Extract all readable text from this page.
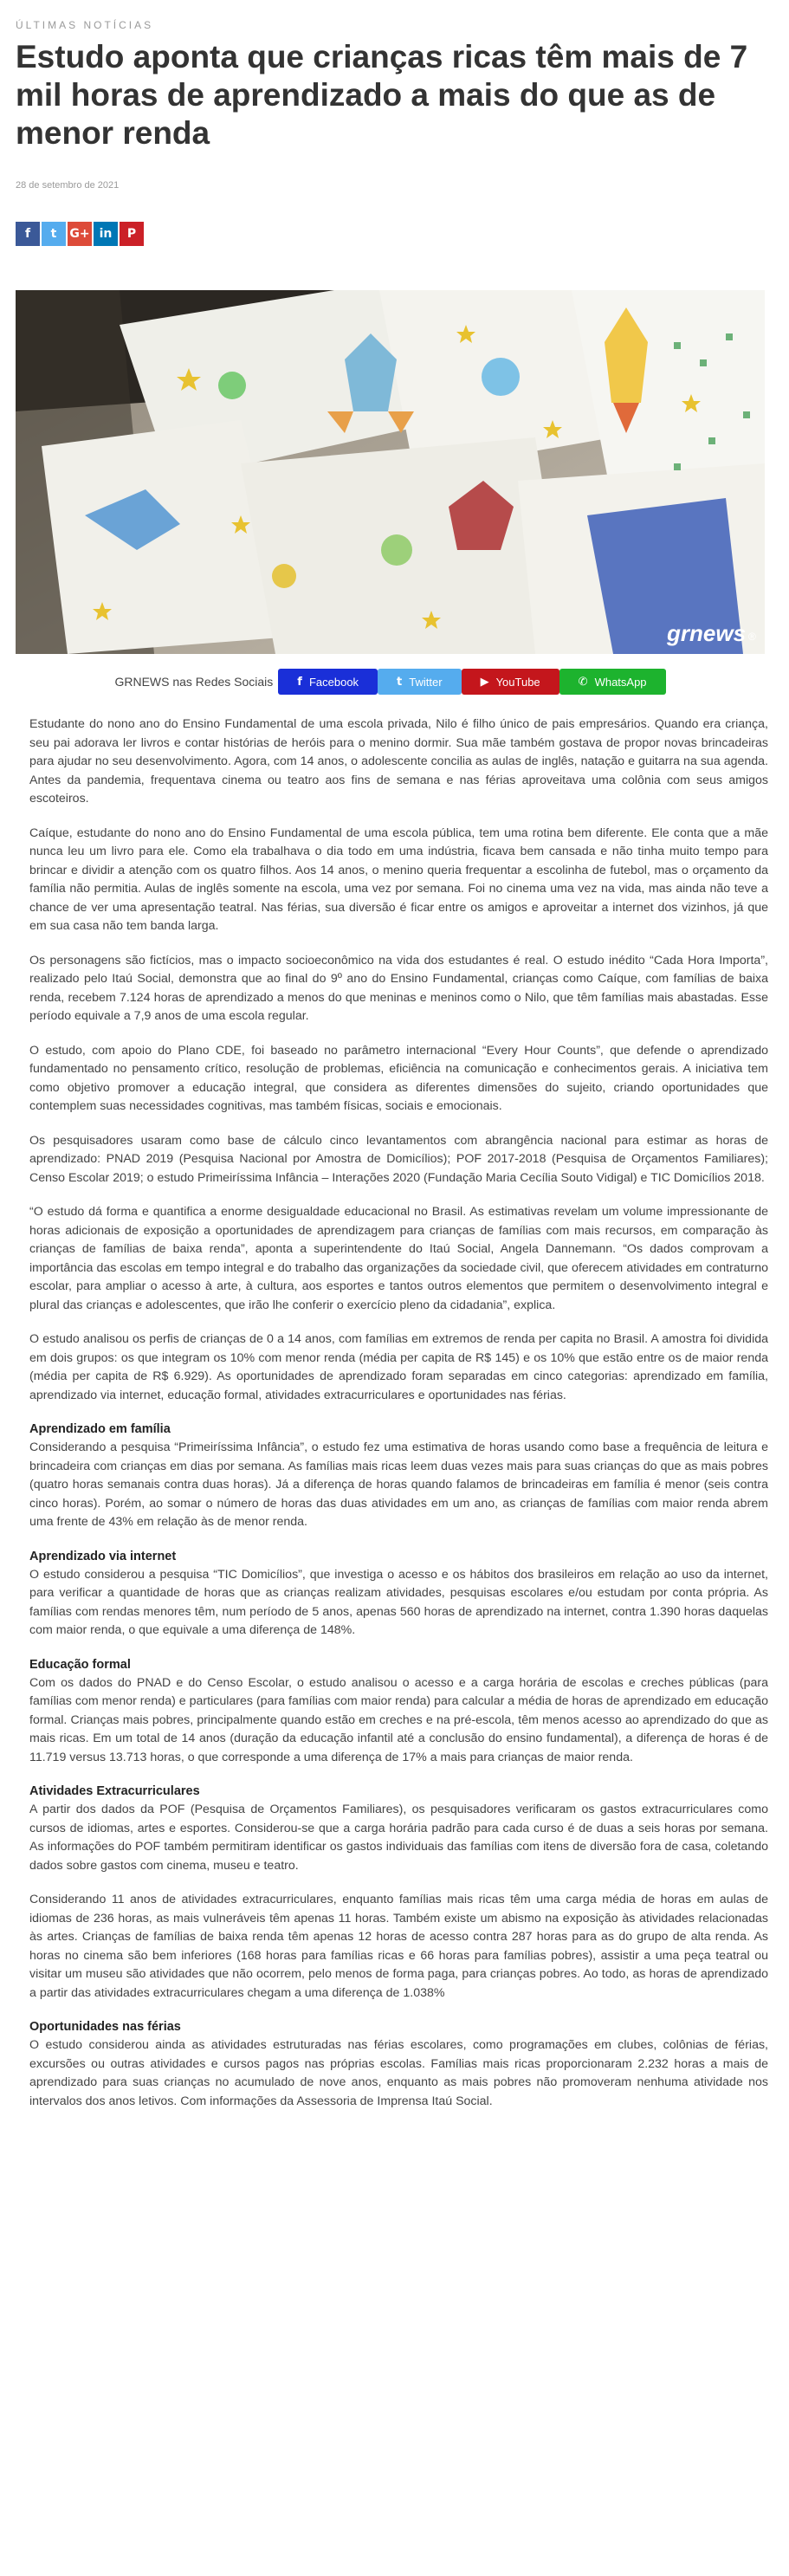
ÚLTIMAS NOTÍCIAS
Estudo aponta que crianças ricas têm mais de 7 mil horas de aprendizado a mais do que as de menor renda
28 de setembro de 2021
f	t	G+ in	P
grnews ®
GRNEWS nas Redes Sociais f Facebook	t Twitter	▶ YouTube	✆ WhatsApp

Estudante do nono ano do Ensino Fundamental de uma escola privada, Nilo é filho único de pais empresários. Quando era criança, seu pai adorava ler livros e contar histórias de heróis para o menino dormir. Sua mãe também gostava de propor novas brincadeiras para ajudar no seu desenvolvimento. Agora, com 14 anos, o adolescente concilia as aulas de inglês, natação e guitarra na sua agenda. Antes da pandemia, frequentava cinema ou teatro aos fins de semana e nas férias aproveitava uma colônia com seus amigos escoteiros.

Caíque, estudante do nono ano do Ensino Fundamental de uma escola pública, tem uma rotina bem diferente. Ele conta que a mãe nunca leu um livro para ele. Como ela trabalhava o dia todo em uma indústria, ficava bem cansada e não tinha muito tempo para brincar e dividir a atenção com os quatro filhos. Aos 14 anos, o menino queria frequentar a escolinha de futebol, mas o orçamento da família não permitia. Aulas de inglês somente na escola, uma vez por semana. Foi no cinema uma vez na vida, mas ainda não teve a chance de ver uma apresentação teatral. Nas férias, sua diversão é ficar entre os amigos e aproveitar a internet dos vizinhos, já que em sua casa não tem banda larga.

Os personagens são fictícios, mas o impacto socioeconômico na vida dos estudantes é real. O estudo inédito “Cada Hora Importa”, realizado pelo Itaú Social, demonstra que ao final do 9º ano do Ensino Fundamental, crianças como Caíque, com famílias de baixa renda, recebem 7.124 horas de aprendizado a menos do que meninas e meninos como o Nilo, que têm famílias mais abastadas. Esse período equivale a 7,9 anos de uma escola regular.

O estudo, com apoio do Plano CDE, foi baseado no parâmetro internacional “Every Hour Counts”, que defende o aprendizado fundamentado no pensamento crítico, resolução de problemas, eficiência na comunicação e conhecimentos gerais. A iniciativa tem como objetivo promover a educação integral, que considera as diferentes dimensões do sujeito, criando oportunidades que contemplem suas necessidades cognitivas, mas também físicas, sociais e emocionais.

Os pesquisadores usaram como base de cálculo cinco levantamentos com abrangência nacional para estimar as horas de aprendizado: PNAD 2019 (Pesquisa Nacional por Amostra de Domicílios); POF 2017-2018 (Pesquisa de Orçamentos Familiares); Censo Escolar 2019; o estudo Primeiríssima Infância – Interações 2020 (Fundação Maria Cecília Souto Vidigal) e TIC Domicílios 2018.

“O estudo dá forma e quantifica a enorme desigualdade educacional no Brasil. As estimativas revelam um volume impressionante de horas adicionais de exposição a oportunidades de aprendizagem para crianças de famílias com mais recursos, em comparação às crianças de famílias de baixa renda”, aponta a superintendente do Itaú Social, Angela Dannemann. “Os dados comprovam a importância das escolas em tempo integral e do trabalho das organizações da sociedade civil, que oferecem atividades em contraturno escolar, para ampliar o acesso à arte, à cultura, aos esportes e tantos outros elementos que permitem o desenvolvimento integral e plural das crianças e adolescentes, que irão lhe conferir o exercício pleno da cidadania”, explica.

O estudo analisou os perfis de crianças de 0 a 14 anos, com famílias em extremos de renda per capita no Brasil. A amostra foi dividida em dois grupos: os que integram os 10% com menor renda (média per capita de R$ 145) e os 10% que estão entre os de maior renda (média per capita de R$ 6.929). As oportunidades de aprendizado foram separadas em cinco categorias: aprendizado em família, aprendizado via internet, educação formal, atividades extracurriculares e oportunidades nas férias.

Aprendizado em família

Considerando a pesquisa “Primeiríssima Infância”, o estudo fez uma estimativa de horas usando como base a frequência de leitura e brincadeira com crianças em dias por semana. As famílias mais ricas leem duas vezes mais para suas crianças do que as mais pobres (quatro horas semanais contra duas horas). Já a diferença de horas quando falamos de brincadeiras em família é menor (seis contra cinco horas). Porém, ao somar o número de horas das duas atividades em um ano, as crianças de famílias com maior renda abrem uma frente de 43% em relação às de menor renda.

Aprendizado via internet

O estudo considerou a pesquisa “TIC Domicílios”, que investiga o acesso e os hábitos dos brasileiros em relação ao uso da internet, para verificar a quantidade de horas que as crianças realizam atividades, pesquisas escolares e/ou estudam por conta própria. As famílias com rendas menores têm, num período de 5 anos, apenas 560 horas de aprendizado na internet, contra 1.390 horas daquelas com maior renda, o que equivale a uma diferença de 148%.

Educação formal

Com os dados do PNAD e do Censo Escolar, o estudo analisou o acesso e a carga horária de escolas e creches públicas (para famílias com menor renda) e particulares (para famílias com maior renda) para calcular a média de horas de aprendizado em educação formal. Crianças mais pobres, principalmente quando estão em creches e na pré-escola, têm menos acesso ao aprendizado do que as mais ricas. Em um total de 14 anos (duração da educação infantil até a conclusão do ensino fundamental), a diferença de horas é de 11.719 versus 13.713 horas, o que corresponde a uma diferença de 17% a mais para crianças de maior renda.

Atividades Extracurriculares

A partir dos dados da POF (Pesquisa de Orçamentos Familiares), os pesquisadores verificaram os gastos extracurriculares como cursos de idiomas, artes e esportes. Considerou-se que a carga horária padrão para cada curso é de duas a seis horas por semana. As informações do POF também permitiram identificar os gastos individuais das famílias com itens de diversão fora de casa, coletando dados sobre gastos com cinema, museu e teatro.

Considerando 11 anos de atividades extracurriculares, enquanto famílias mais ricas têm uma carga média de horas em aulas de idiomas de 236 horas, as mais vulneráveis têm apenas 11 horas. Também existe um abismo na exposição às atividades relacionadas às artes. Crianças de famílias de baixa renda têm apenas 12 horas de acesso contra 287 horas para as do grupo de alta renda. As horas no cinema são bem inferiores (168 horas para famílias ricas e 66 horas para famílias pobres), assistir a uma peça teatral ou visitar um museu são atividades que não ocorrem, pelo menos de forma paga, para crianças pobres. Ao todo, as horas de aprendizado a partir das atividades extracurriculares chegam a uma diferença de 1.038%

Oportunidades nas férias

O estudo considerou ainda as atividades estruturadas nas férias escolares, como programações em clubes, colônias de férias, excursões ou outras atividades e cursos pagos nas próprias escolas. Famílias mais ricas proporcionaram 2.232 horas a mais de aprendizado para suas crianças no acumulado de nove anos, enquanto as mais pobres não promoveram nenhuma atividade nos intervalos dos anos letivos. Com informações da Assessoria de Imprensa Itaú Social.
